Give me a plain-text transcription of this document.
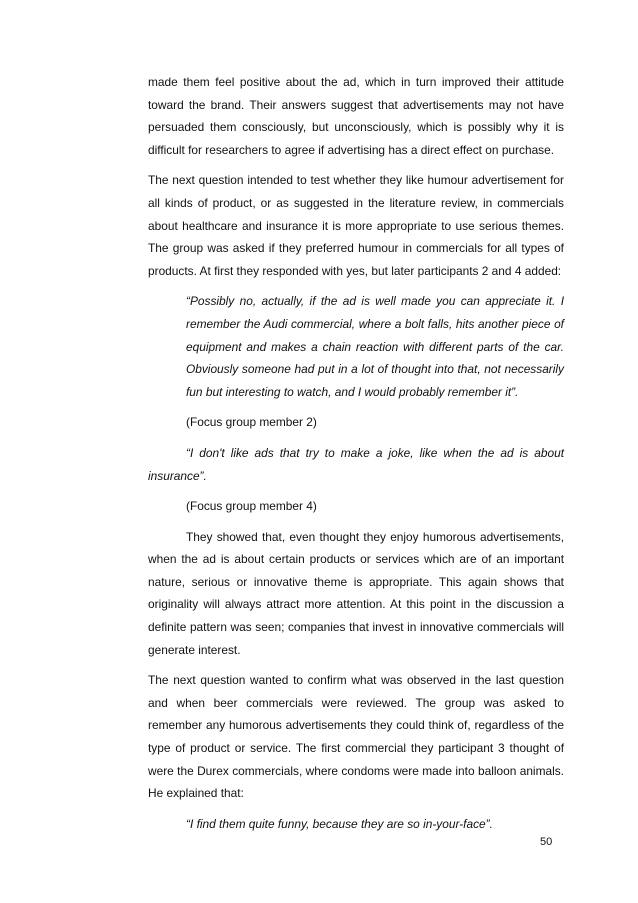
made them feel positive about the ad, which in turn improved their attitude toward the brand. Their answers suggest that advertisements may not have persuaded them consciously, but unconsciously, which is possibly why it is difficult for researchers to agree if advertising has a direct effect on purchase.

The next question intended to test whether they like humour advertisement for all kinds of product, or as suggested in the literature review, in commercials about healthcare and insurance it is more appropriate to use serious themes. The group was asked if they preferred humour in commercials for all types of products. At first they responded with yes, but later participants 2 and 4 added:

“Possibly no, actually, if the ad is well made you can appreciate it. I remember the Audi commercial, where a bolt falls, hits another piece of equipment and makes a chain reaction with different parts of the car. Obviously someone had put in a lot of thought into that, not necessarily fun but interesting to watch, and I would probably remember it”.

(Focus group member 2)

“I don't like ads that try to make a joke, like when the ad is about insurance”.

(Focus group member 4)

They showed that, even thought they enjoy humorous advertisements, when the ad is about certain products or services which are of an important nature, serious or innovative theme is appropriate. This again shows that originality will always attract more attention. At this point in the discussion a definite pattern was seen; companies that invest in innovative commercials will generate interest.

The next question wanted to confirm what was observed in the last question and when beer commercials were reviewed. The group was asked to remember any humorous advertisements they could think of, regardless of the type of product or service. The first commercial they participant 3 thought of were the Durex commercials, where condoms were made into balloon animals. He explained that:

“I find them quite funny, because they are so in-your-face”.

50
